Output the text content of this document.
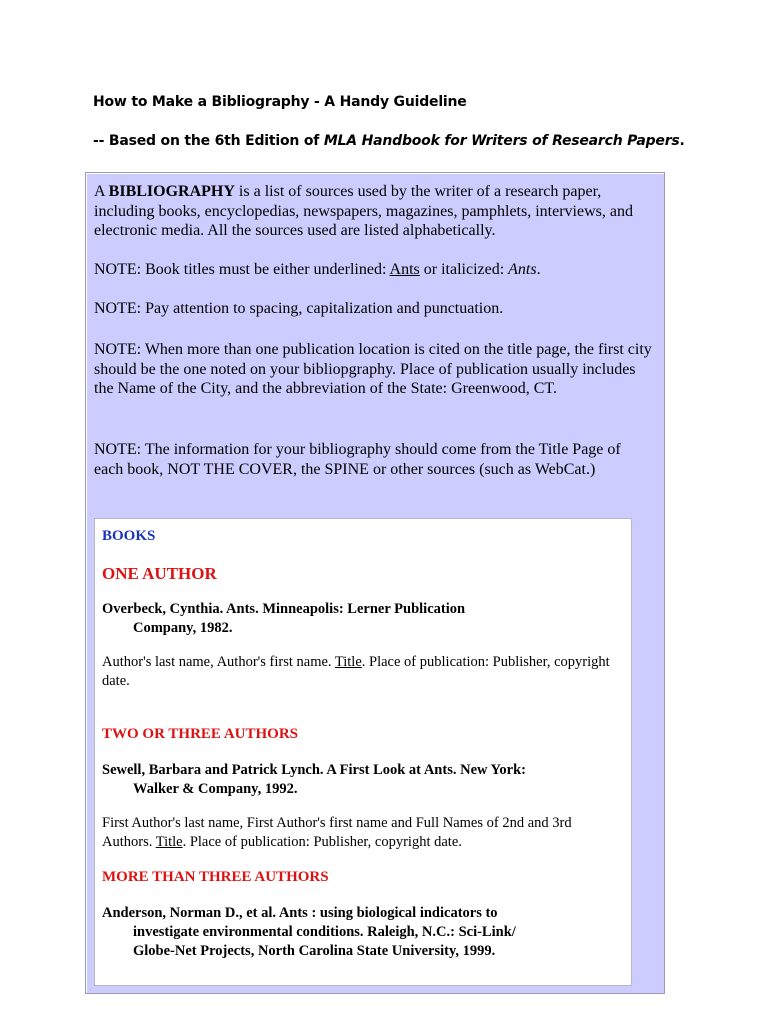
How to Make a Bibliography - A Handy Guideline
-- Based on the 6th Edition of MLA Handbook for Writers of Research Papers.

A BIBLIOGRAPHY is a list of sources used by the writer of a research paper, including books, encyclopedias, newspapers, magazines, pamphlets, interviews, and electronic media. All the sources used are listed alphabetically.

NOTE: Book titles must be either underlined: Ants or italicized: Ants.

NOTE: Pay attention to spacing, capitalization and punctuation.

NOTE: When more than one publication location is cited on the title page, the first city should be the one noted on your bibliopgraphy. Place of publication usually includes the Name of the City, and the abbreviation of the State: Greenwood, CT.

NOTE: The information for your bibliography should come from the Title Page of each book, NOT THE COVER, the SPINE or other sources (such as WebCat.)

BOOKS
ONE AUTHOR
Overbeck, Cynthia. Ants. Minneapolis: Lerner Publication
Company, 1982.
Author's last name, Author's first name. Title. Place of publication: Publisher, copyright date.
TWO OR THREE AUTHORS
Sewell, Barbara and Patrick Lynch. A First Look at Ants. New York:
Walker & Company, 1992.
First Author's last name, First Author's first name and Full Names of 2nd and 3rd Authors. Title. Place of publication: Publisher, copyright date.
MORE THAN THREE AUTHORS
Anderson, Norman D., et al. Ants : using biological indicators to
investigate environmental conditions. Raleigh, N.C.: Sci-Link/
Globe-Net Projects, North Carolina State University, 1999.
